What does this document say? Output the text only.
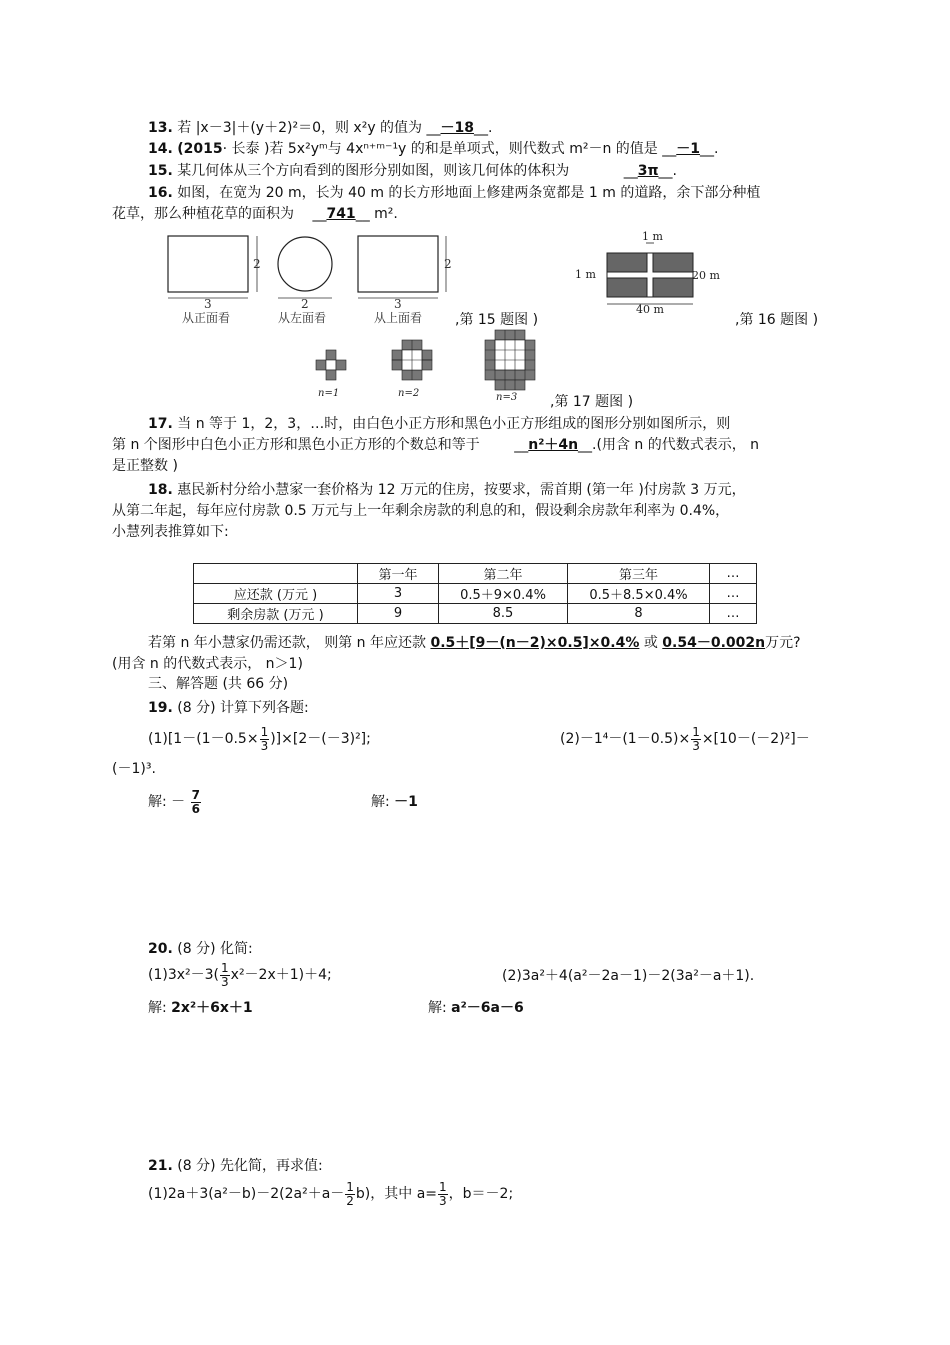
13. 若 |x－3|＋(y＋2)²＝0，则 x²y 的值为 __－18__.
14. (2015· 长泰 )若 5x²yᵐ与 4xⁿ⁺ᵐ⁻¹y 的和是单项式，则代数式 m²－n 的值是 __－1__.
15. 某几何体从三个方向看到的图形分别如图，则该几何体的体积为	__3π__.
16. 如图，在宽为 20 m，长为 40 m 的长方形地面上修建两条宽都是 1 m 的道路，余下部分种植
花草，那么种植花草的面积为 __741__ m².
2
3
从正面看
2
从左面看
2
3
从上面看 ,第 15 题图 )
1 m
1 m	20 m
40 m
,第 16 题图 )
n=1	n=2	n=3 ,第 17 题图 )
17. 当 n 等于 1，2，3，…时，由白色小正方形和黑色小正方形组成的图形分别如图所示，则
第 n 个图形中白色小正方形和黑色小正方形的个数总和等于 __n²＋4n__.(用含 n 的代数式表示， n
是正整数 )
18. 惠民新村分给小慧家一套价格为 12 万元的住房，按要求，需首期 (第一年 )付房款 3 万元，
从第二年起，每年应付房款 0.5 万元与上一年剩余房款的利息的和，假设剩余房款年利率为 0.4%，
小慧列表推算如下:
	第一年	第二年	第三年	…
应还款 (万元 )	3	0.5＋9×0.4%	0.5＋8.5×0.4%	…
剩余房款 (万元 )	9	8.5	8	…
若第 n 年小慧家仍需还款， 则第 n 年应还款 0.5＋[9－(n－2)×0.5]×0.4% 或 0.54－0.002n万元?
(用含 n 的代数式表示， n＞1)
三、解答题 (共 66 分)
19. (8 分) 计算下列各题:
$(1)[1-(1-0.5\times \frac{1}{3} )]\times[2-(-3)^2]$;	$(2)-1^4-(1-0.5)\times \frac{1}{3} \times[10-(-2)^2]-$
(－1)³.
解: － $\frac{7}{6}$	解: －1
20. (8 分) 化简:
$(1)3x^2-3( \frac{1}{3} x^2-2x+1)+4$;	(2)3a²＋4(a²－2a－1)－2(3a²－a＋1).
解: 2x²＋6x＋1	解: a²－6a－6
21. (8 分) 先化简，再求值:
$(1)2a+3(a^2-b)-2(2a^2+a- \frac{1}{2} b)$，其中 $a= \frac{1}{3}$ ，b＝－2;
